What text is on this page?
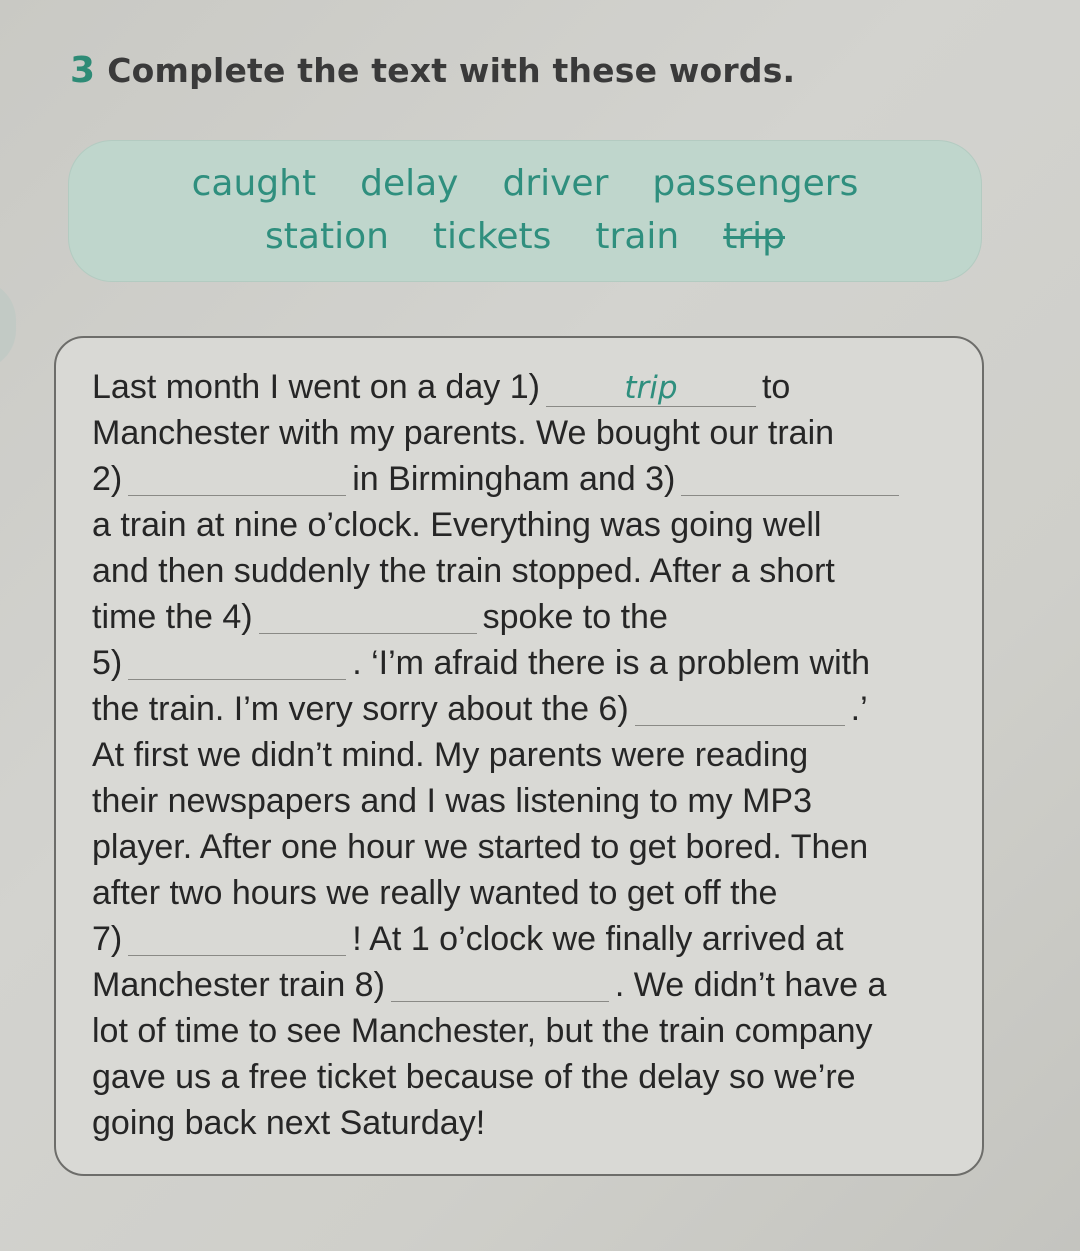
3 Complete the text with these words.
caught delay driver passengers
station tickets train trip
Last month I went on a day 1)	trip to
Manchester with my parents. We bought our train
2)	in Birmingham and 3)
a train at nine o’clock. Everything was going well
and then suddenly the train stopped. After a short
time the 4)	spoke to the
5)	. ‘I’m afraid there is a problem with
the train. I’m very sorry about the 6)	.’
At first we didn’t mind. My parents were reading
their newspapers and I was listening to my MP3
player. After one hour we started to get bored. Then
after two hours we really wanted to get off the
7)	! At 1 o’clock we finally arrived at
Manchester train 8)	. We didn’t have a
lot of time to see Manchester, but the train company
gave us a free ticket because of the delay so we’re
going back next Saturday!
